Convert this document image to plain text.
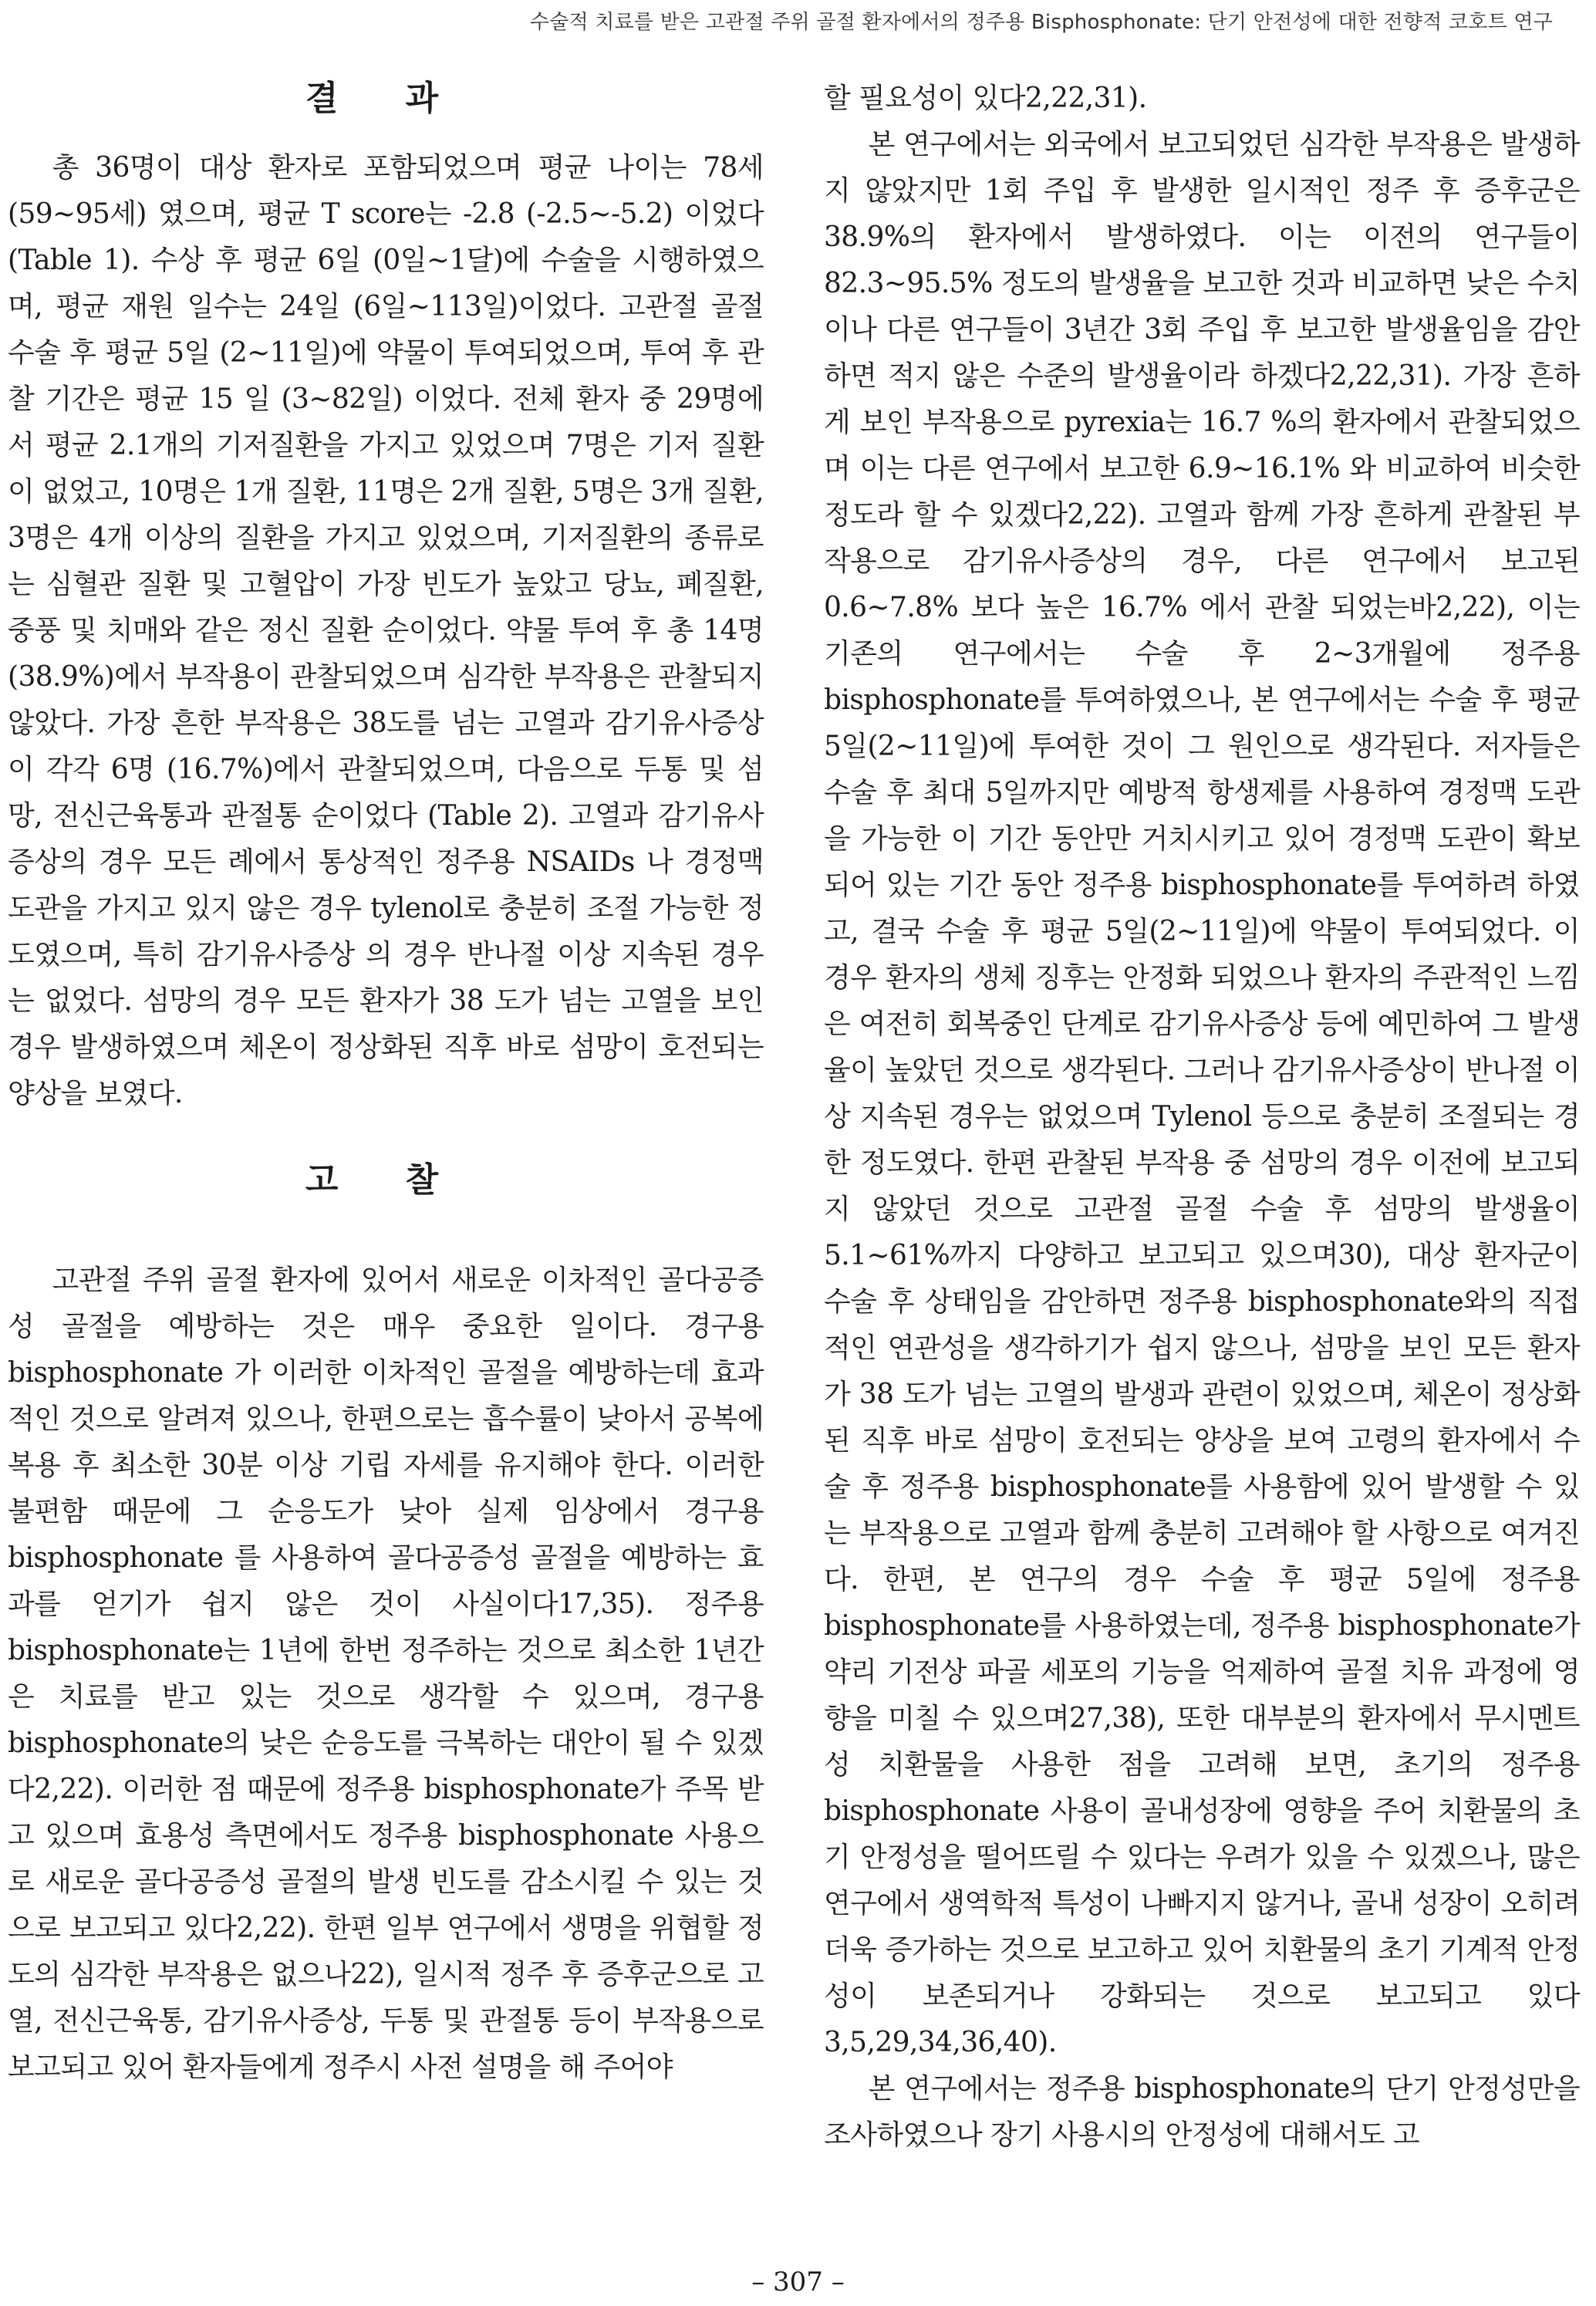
수술적 치료를 받은 고관절 주위 골절 환자에서의 정주용 Bisphosphonate: 단기 안전성에 대한 전향적 코호트 연구
결 과

총 36명이 대상 환자로 포함되었으며 평균 나이는 78세 (59~95세) 였으며, 평균 T score는 -2.8 (-2.5~-5.2) 이었다(Table 1). 수상 후 평균 6일 (0일~1달)에 수술을 시행하였으며, 평균 재원 일수는 24일 (6일~113일)이었다. 고관절 골절 수술 후 평균 5일 (2~11일)에 약물이 투여되었으며, 투여 후 관찰 기간은 평균 15 일 (3~82일) 이었다. 전체 환자 중 29명에서 평균 2.1개의 기저질환을 가지고 있었으며 7명은 기저 질환이 없었고, 10명은 1개 질환, 11명은 2개 질환, 5명은 3개 질환, 3명은 4개 이상의 질환을 가지고 있었으며, 기저질환의 종류로는 심혈관 질환 및 고혈압이 가장 빈도가 높았고 당뇨, 폐질환, 중풍 및 치매와 같은 정신 질환 순이었다. 약물 투여 후 총 14명 (38.9%)에서 부작용이 관찰되었으며 심각한 부작용은 관찰되지 않았다. 가장 흔한 부작용은 38도를 넘는 고열과 감기유사증상이 각각 6명 (16.7%)에서 관찰되었으며, 다음으로 두통 및 섬망, 전신근육통과 관절통 순이었다 (Table 2). 고열과 감기유사증상의 경우 모든 례에서 통상적인 정주용 NSAIDs 나 경정맥 도관을 가지고 있지 않은 경우 tylenol로 충분히 조절 가능한 정도였으며, 특히 감기유사증상 의 경우 반나절 이상 지속된 경우는 없었다. 섬망의 경우 모든 환자가 38 도가 넘는 고열을 보인 경우 발생하였으며 체온이 정상화된 직후 바로 섬망이 호전되는 양상을 보였다.

고 찰

고관절 주위 골절 환자에 있어서 새로운 이차적인 골다공증성 골절을 예방하는 것은 매우 중요한 일이다. 경구용 bisphosphonate 가 이러한 이차적인 골절을 예방하는데 효과적인 것으로 알려져 있으나, 한편으로는 흡수률이 낮아서 공복에 복용 후 최소한 30분 이상 기립 자세를 유지해야 한다. 이러한 불편함 때문에 그 순응도가 낮아 실제 임상에서 경구용 bisphosphonate 를 사용하여 골다공증성 골절을 예방하는 효과를 얻기가 쉽지 않은 것이 사실이다17,35). 정주용 bisphosphonate는 1년에 한번 정주하는 것으로 최소한 1년간은 치료를 받고 있는 것으로 생각할 수 있으며, 경구용 bisphosphonate의 낮은 순응도를 극복하는 대안이 될 수 있겠다2,22). 이러한 점 때문에 정주용 bisphosphonate가 주목 받고 있으며 효용성 측면에서도 정주용 bisphosphonate 사용으로 새로운 골다공증성 골절의 발생 빈도를 감소시킬 수 있는 것으로 보고되고 있다2,22). 한편 일부 연구에서 생명을 위협할 정도의 심각한 부작용은 없으나22), 일시적 정주 후 증후군으로 고열, 전신근육통, 감기유사증상, 두통 및 관절통 등이 부작용으로 보고되고 있어 환자들에게 정주시 사전 설명을 해 주어야

할 필요성이 있다2,22,31).

본 연구에서는 외국에서 보고되었던 심각한 부작용은 발생하지 않았지만 1회 주입 후 발생한 일시적인 정주 후 증후군은 38.9%의 환자에서 발생하였다. 이는 이전의 연구들이 82.3~95.5% 정도의 발생율을 보고한 것과 비교하면 낮은 수치이나 다른 연구들이 3년간 3회 주입 후 보고한 발생율임을 감안하면 적지 않은 수준의 발생율이라 하겠다2,22,31). 가장 흔하게 보인 부작용으로 pyrexia는 16.7 %의 환자에서 관찰되었으며 이는 다른 연구에서 보고한 6.9~16.1% 와 비교하여 비슷한 정도라 할 수 있겠다2,22). 고열과 함께 가장 흔하게 관찰된 부작용으로 감기유사증상의 경우, 다른 연구에서 보고된 0.6~7.8% 보다 높은 16.7% 에서 관찰 되었는바2,22), 이는 기존의 연구에서는 수술 후 2~3개월에 정주용 bisphosphonate를 투여하였으나, 본 연구에서는 수술 후 평균 5일(2~11일)에 투여한 것이 그 원인으로 생각된다. 저자들은 수술 후 최대 5일까지만 예방적 항생제를 사용하여 경정맥 도관을 가능한 이 기간 동안만 거치시키고 있어 경정맥 도관이 확보되어 있는 기간 동안 정주용 bisphosphonate를 투여하려 하였고, 결국 수술 후 평균 5일(2~11일)에 약물이 투여되었다. 이 경우 환자의 생체 징후는 안정화 되었으나 환자의 주관적인 느낌은 여전히 회복중인 단계로 감기유사증상 등에 예민하여 그 발생율이 높았던 것으로 생각된다. 그러나 감기유사증상이 반나절 이상 지속된 경우는 없었으며 Tylenol 등으로 충분히 조절되는 경한 정도였다. 한편 관찰된 부작용 중 섬망의 경우 이전에 보고되지 않았던 것으로 고관절 골절 수술 후 섬망의 발생율이 5.1~61%까지 다양하고 보고되고 있으며30), 대상 환자군이 수술 후 상태임을 감안하면 정주용 bisphosphonate와의 직접적인 연관성을 생각하기가 쉽지 않으나, 섬망을 보인 모든 환자가 38 도가 넘는 고열의 발생과 관련이 있었으며, 체온이 정상화된 직후 바로 섬망이 호전되는 양상을 보여 고령의 환자에서 수술 후 정주용 bisphosphonate를 사용함에 있어 발생할 수 있는 부작용으로 고열과 함께 충분히 고려해야 할 사항으로 여겨진다. 한편, 본 연구의 경우 수술 후 평균 5일에 정주용 bisphosphonate를 사용하였는데, 정주용 bisphosphonate가 약리 기전상 파골 세포의 기능을 억제하여 골절 치유 과정에 영향을 미칠 수 있으며27,38), 또한 대부분의 환자에서 무시멘트성 치환물을 사용한 점을 고려해 보면, 초기의 정주용 bisphosphonate 사용이 골내성장에 영향을 주어 치환물의 초기 안정성을 떨어뜨릴 수 있다는 우려가 있을 수 있겠으나, 많은 연구에서 생역학적 특성이 나빠지지 않거나, 골내 성장이 오히려 더욱 증가하는 것으로 보고하고 있어 치환물의 초기 기계적 안정성이 보존되거나 강화되는 것으로 보고되고 있다3,5,29,34,36,40).

본 연구에서는 정주용 bisphosphonate의 단기 안정성만을 조사하였으나 장기 사용시의 안정성에 대해서도 고

– 307 –
